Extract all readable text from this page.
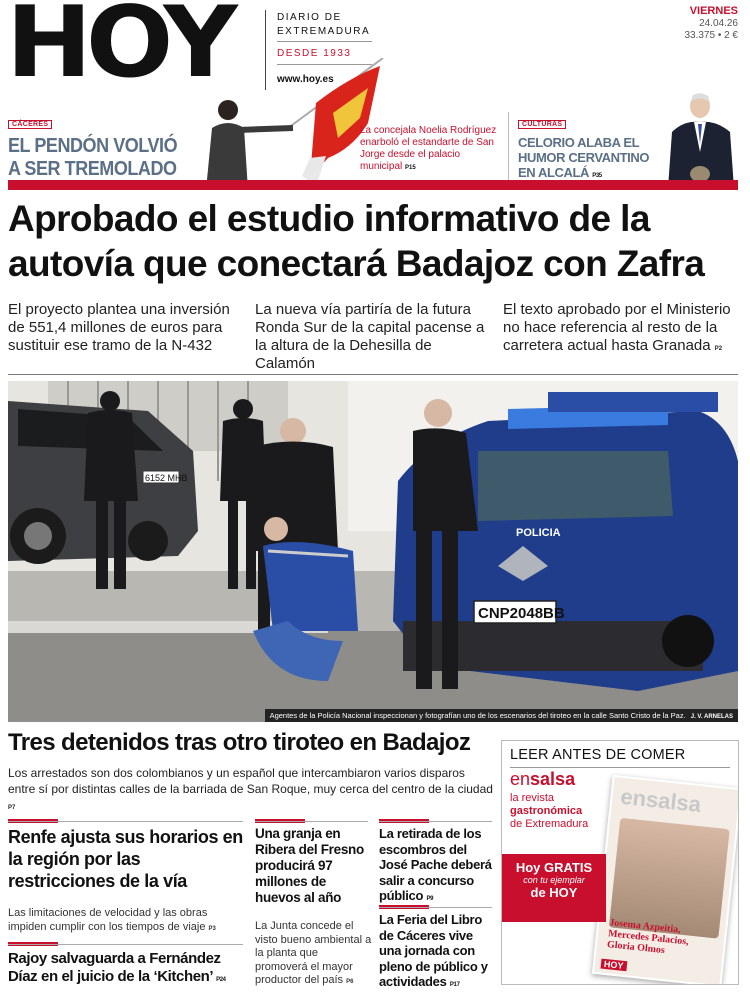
HOY	DIARIO DE
EXTREMADURA
DESDE 1933
www.hoy.es
VIERNES
24.04.26
33.375 • 2 €
CÁCERES
EL PENDÓN VOLVIÓ
A SER TREMOLADO
La concejala Noelia Rodríguez enarboló el estandarte de San Jorge desde el palacio municipal P15
CULTURAS
CELORIO ALABA EL HUMOR CERVANTINO EN ALCALÁ P35
Aprobado el estudio informativo de la
autovía que conectará Badajoz con Zafra
El proyecto plantea una inversión de 551,4 millones de euros para sustituir ese tramo de la N-432
La nueva vía partiría de la futura Ronda Sur de la capital pacense a la altura de la Dehesilla de Calamón
El texto aprobado por el Ministerio no hace referencia al resto de la carretera actual hasta Granada P2
6152 MHB
CNP2048BB
POLICIA
Agentes de la Policía Nacional inspeccionan y fotografían uno de los escenarios del tiroteo en la calle Santo Cristo de la Paz. J. V. ARNELAS
Tres detenidos tras otro tiroteo en Badajoz
Los arrestados son dos colombianos y un español que intercambiaron varios disparos entre sí por distintas calles de la barriada de San Roque, muy cerca del centro de la ciudad P7
Renfe ajusta sus horarios en la región por las restricciones de la vía
Las limitaciones de velocidad y las obras impiden cumplir con los tiempos de viaje P3
Rajoy salvaguarda a Fernández Díaz en el juicio de la ‘Kitchen’ P24
Una granja en Ribera del Fresno producirá 97 millones de huevos al año
La Junta concede el visto bueno ambiental a la planta que promoverá el mayor productor del país P6
La retirada de los escombros del José Pache deberá salir a concurso público P9
La Feria del Libro de Cáceres vive una jornada con pleno de público y actividades P17
LEER ANTES DE COMER
ensalsa
la revista
gastronómica
de Extremadura
ensalsa
Josema Azpeitia, Mercedes Palacios, Gloria Olmos
HOY
Hoy GRATIS
con tu ejemplar
de HOY
